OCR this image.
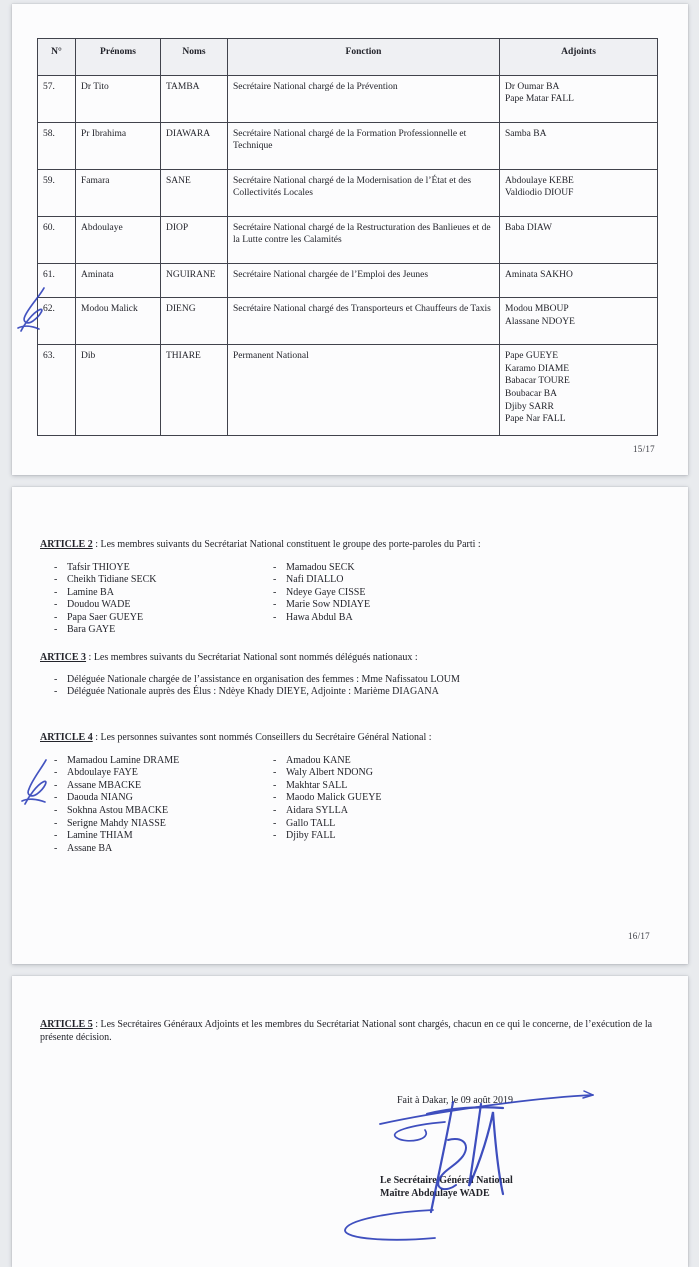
N°	Prénoms	Noms	Fonction	Adjoints
57.	Dr Tito	TAMBA	Secrétaire National chargé de la Prévention	Dr Oumar BA
Pape Matar FALL

58.	Pr Ibrahima	DIAWARA	Secrétaire National chargé de la Formation Professionnelle et Technique	Samba BA

59.	Famara	SANE	Secrétaire National chargé de la Modernisation de l’État et des Collectivités Locales	Abdoulaye KEBE
Valdiodio DIOUF

60.	Abdoulaye	DIOP	Secrétaire National chargé de la Restructuration des Banlieues et de la Lutte contre les Calamités	Baba DIAW

61.	Aminata	NGUIRANE	Secrétaire National chargée de l’Emploi des Jeunes	Aminata SAKHO

62.	Modou Malick	DIENG	Secrétaire National chargé des Transporteurs et Chauffeurs de Taxis	Modou MBOUP
Alassane NDOYE

63.	Dib	THIARE	Permanent National	Pape GUEYE
Karamo DIAME
Babacar TOURE
Boubacar BA
Djiby SARR
Pape Nar FALL
15/17

ARTICLE 2 : Les membres suivants du Secrétariat National constituent le groupe des porte-paroles du Parti :

- Tafsir THIOYE
- Cheikh Tidiane SECK
- Lamine BA
- Doudou WADE
- Papa Saer GUEYE
- Bara GAYE
- Mamadou SECK
- Nafi DIALLO
- Ndeye Gaye CISSE
- Marie Sow NDIAYE
- Hawa Abdul BA

ARTICE 3 : Les membres suivants du Secrétariat National sont nommés délégués nationaux :

- Déléguée Nationale chargée de l’assistance en organisation des femmes : Mme Nafissatou LOUM
- Déléguée Nationale auprès des Élus : Ndèye Khady DIEYE, Adjointe : Marième DIAGANA

ARTICLE 4 : Les personnes suivantes sont nommés Conseillers du Secrétaire Général National :

- Mamadou Lamine DRAME
- Abdoulaye FAYE
- Assane MBACKE
- Daouda NIANG
- Sokhna Astou MBACKE
- Serigne Mahdy NIASSE
- Lamine THIAM
- Assane BA
- Amadou KANE
- Waly Albert NDONG
- Makhtar SALL
- Maodo Malick GUEYE
- Aidara SYLLA
- Gallo TALL
- Djiby FALL
16/17

ARTICLE 5 : Les Secrétaires Généraux Adjoints et les membres du Secrétariat National sont chargés, chacun en ce qui le concerne, de l’exécution de la présente décision.

Fait à Dakar, le 09 août 2019
Le Secrétaire Général National
Maître Abdoulaye WADE
